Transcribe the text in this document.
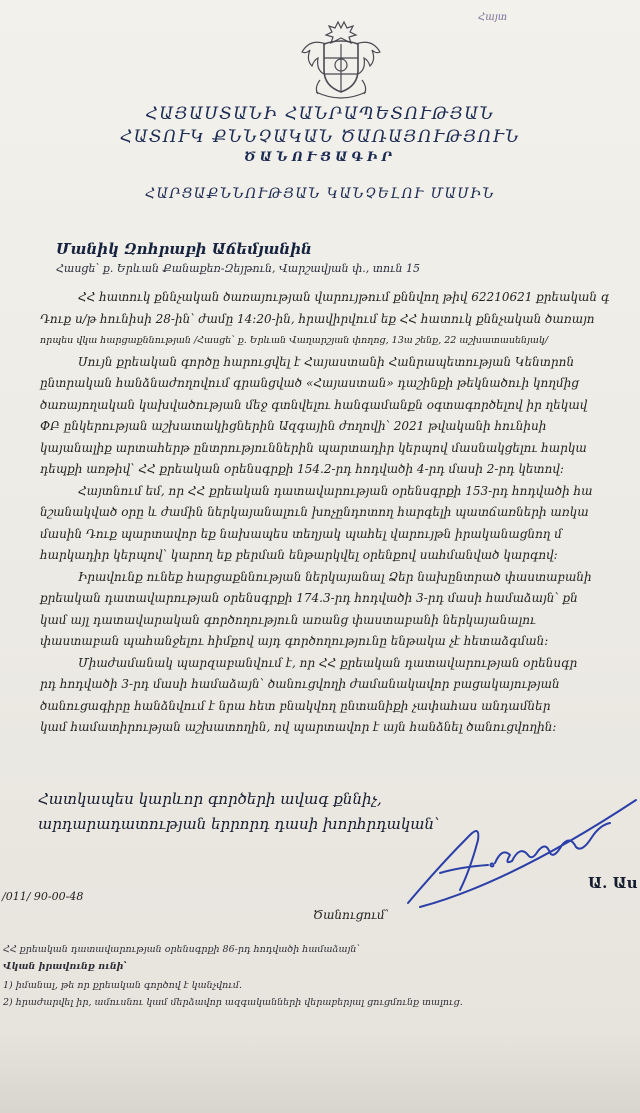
Հայտ
ՀԱՅԱՍՏԱՆԻ ՀԱՆՐԱՊԵՏՈՒԹՅԱՆ
ՀԱՏՈՒԿ ՔՆՆՉԱԿԱՆ ԾԱՌԱՅՈՒԹՅՈՒՆ
ԾԱՆՈՒՑԱԳԻՐ
ՀԱՐՑԱՔՆՆՈՒԹՅԱՆ ԿԱՆՉԵԼՈՒ ՄԱՍԻՆ
Մանիկ Զոհրաբի Աճեմյանին
Հասցե՝ ք. Երևան Քանաքեռ-Զեյթուն, Վարշավյան փ., տուն 15
ՀՀ հատուկ քննչական ծառայության վարույթում քննվող թիվ 62210621 քրեական գ
Դուք ս/թ հունիսի 28-ին՝ ժամը 14:20-ին, հրավիրվում եք ՀՀ հատուկ քննչական ծառայո
որպես վկա հարցաքննության /Հասցե՝ ք. Երևան Վաղարշյան փողոց, 13ա շենք, 22 աշխատասենյակ/
Սույն քրեական գործը հարուցվել է Հայաստանի Հանրապետության Կենտրոն
ընտրական հանձնաժողովում գրանցված «Հայաստան» դաշինքի թեկնածուի կողմից
ծառայողական կախվածության մեջ գտնվելու հանգամանքն օգտագործելով իր ղեկավ
ՓԲ ընկերության աշխատակիցներին Ազգային ժողովի՝ 2021 թվականի հունիսի
կայանալիք արտահերթ ընտրություններին պարտադիր կերպով մասնակցելու հարկա
դեպքի առթիվ՝ ՀՀ քրեական օրենսգրքի 154.2-րդ հոդվածի 4-րդ մասի 2-րդ կետով:
Հայտնում եմ, որ ՀՀ քրեական դատավարության օրենսգրքի 153-րդ հոդվածի հա
նշանակված օրը և ժամին ներկայանալուն խոչընդոտող հարգելի պատճառների առկա
մասին Դուք պարտավոր եք նախապես տեղյակ պահել վարույթն իրականացնող մ
հարկադիր կերպով՝ կարող եք բերման ենթարկվել օրենքով սահմանված կարգով:
Իրավունք ունեք հարցաքննության ներկայանալ Ձեր նախընտրած փաստաբանի
քրեական դատավարության օրենսգրքի 174.3-րդ հոդվածի 3-րդ մասի համաձայն՝ քն
կամ այլ դատավարական գործողություն առանց փաստաբանի ներկայանալու
փաստաբան պահանջելու հիմքով այդ գործողությունը ենթակա չէ հետաձգման:
Միաժամանակ պարզաբանվում է, որ ՀՀ քրեական դատավարության օրենսգր
րդ հոդվածի 3-րդ մասի համաձայն՝ ծանուցվողի ժամանակավոր բացակայության
ծանուցագիրը հանձնվում է նրա հետ բնակվող ընտանիքի չափահաս անդամներ
կամ համատիրության աշխատողին, ով պարտավոր է այն հանձնել ծանուցվողին:
Հատկապես կարևոր գործերի ավագ քննիչ,
արդարադատության երրորդ դասի խորհրդական՝
Ա. Աս
/011/ 90-00-48
Ծանուցում՝
ՀՀ քրեական դատավարության օրենսգրքի 86-րդ հոդվածի համաձայն՝
Վկան իրավունք ունի՝
1) իմանալ, թե որ քրեական գործով է կանչվում.
2) հրաժարվել իր, ամուսնու կամ մերձավոր ազգականների վերաբերյալ ցուցմունք տալուց.
